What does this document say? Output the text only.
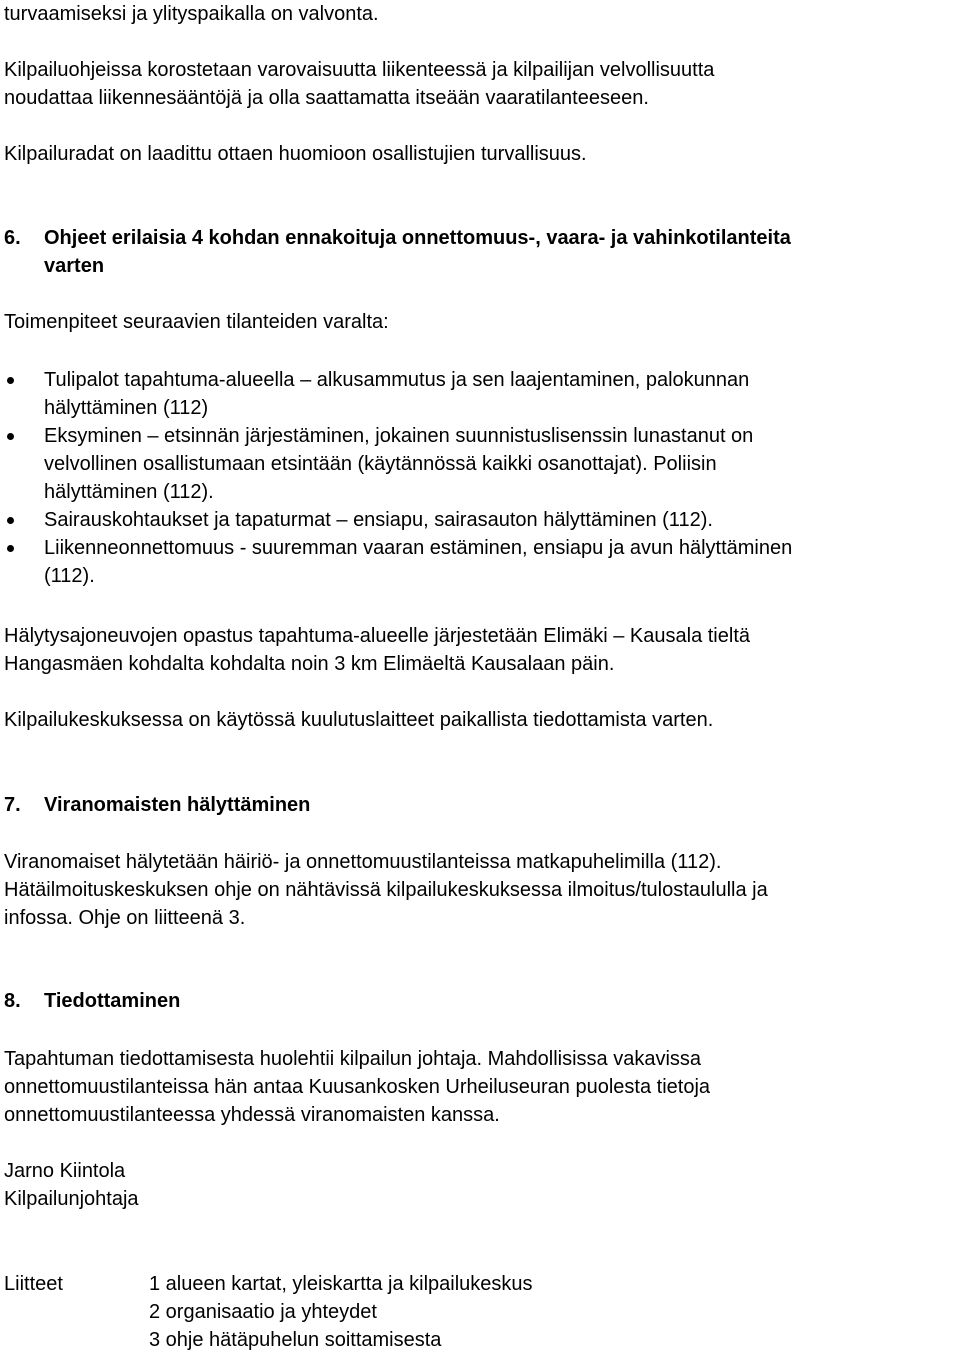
turvaamiseksi ja ylityspaikalla on valvonta.
Kilpailuohjeissa korostetaan varovaisuutta liikenteessä ja kilpailijan velvollisuutta
noudattaa liikennesääntöjä ja olla saattamatta itseään vaaratilanteeseen.
Kilpailuradat on laadittu ottaen huomioon osallistujien turvallisuus.
6. Ohjeet erilaisia 4 kohdan ennakoituja onnettomuus-, vaara- ja vahinkotilanteita
varten
Toimenpiteet seuraavien tilanteiden varalta:
Tulipalot tapahtuma-alueella – alkusammutus ja sen laajentaminen, palokunnan
hälyttäminen (112)
Eksyminen – etsinnän järjestäminen, jokainen suunnistuslisenssin lunastanut on
velvollinen osallistumaan etsintään (käytännössä kaikki osanottajat). Poliisin
hälyttäminen (112).
Sairauskohtaukset ja tapaturmat – ensiapu, sairasauton hälyttäminen (112).
Liikenneonnettomuus - suuremman vaaran estäminen, ensiapu ja avun hälyttäminen
(112).
Hälytysajoneuvojen opastus tapahtuma-alueelle järjestetään Elimäki – Kausala tieltä
Hangasmäen kohdalta kohdalta noin 3 km Elimäeltä Kausalaan päin.
Kilpailukeskuksessa on käytössä kuulutuslaitteet paikallista tiedottamista varten.
7. Viranomaisten hälyttäminen
Viranomaiset hälytetään häiriö- ja onnettomuustilanteissa matkapuhelimilla (112).
Hätäilmoituskeskuksen ohje on nähtävissä kilpailukeskuksessa ilmoitus/tulostaululla ja
infossa. Ohje on liitteenä 3.
8. Tiedottaminen
Tapahtuman tiedottamisesta huolehtii kilpailun johtaja. Mahdollisissa vakavissa
onnettomuustilanteissa hän antaa Kuusankosken Urheiluseuran puolesta tietoja
onnettomuustilanteessa yhdessä viranomaisten kanssa.
Jarno Kiintola
Kilpailunjohtaja
Liitteet	1 alueen kartat, yleiskartta ja kilpailukeskus
2 organisaatio ja yhteydet
3 ohje hätäpuhelun soittamisesta
